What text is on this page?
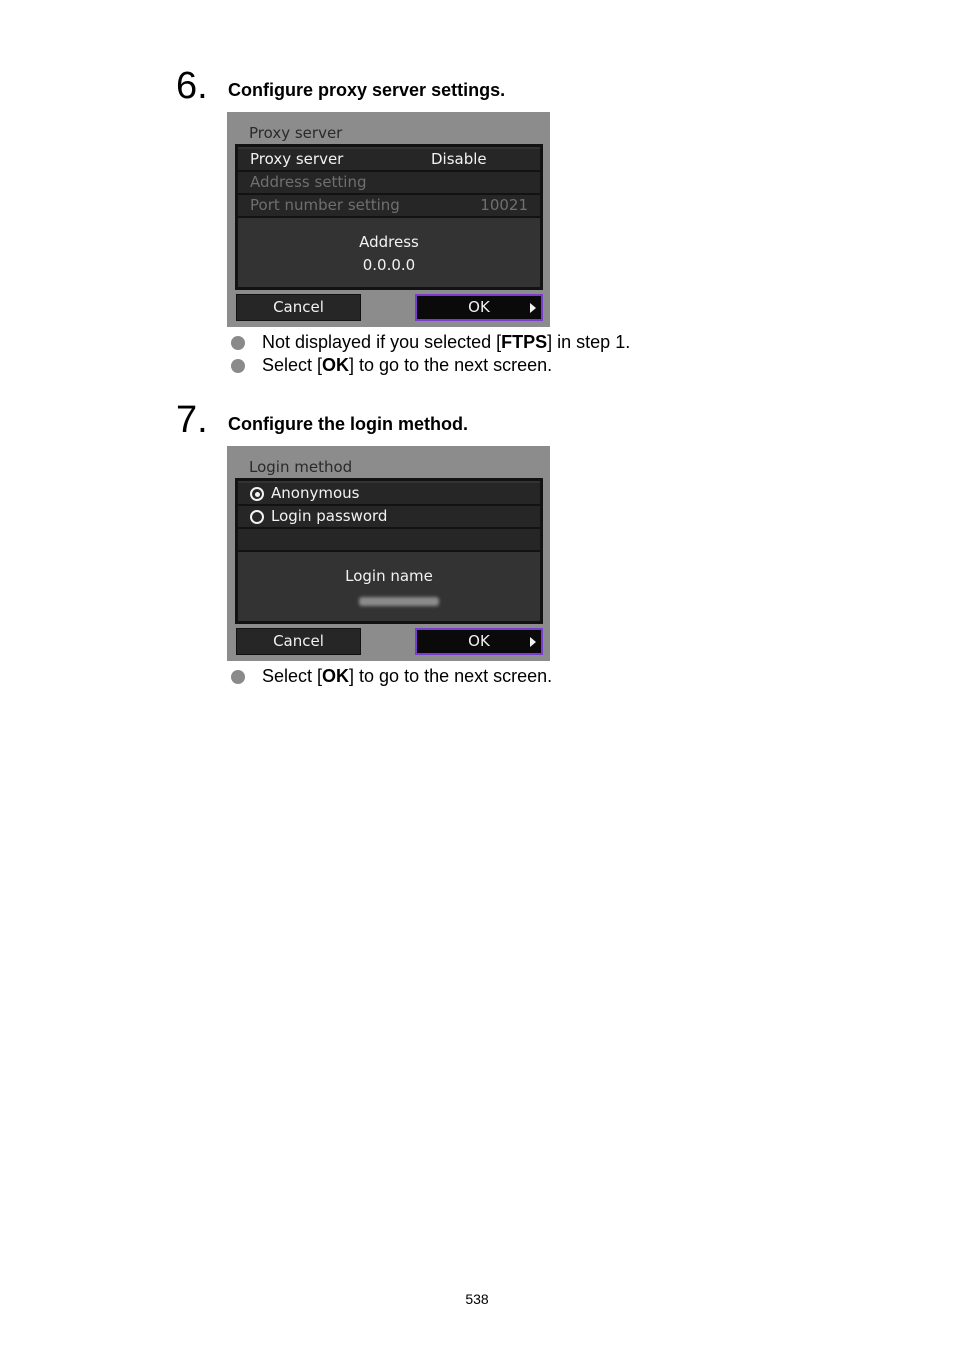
6. Configure proxy server settings.
Proxy server
Proxy server	Disable
Address setting
Port number setting	10021
Address
0.0.0.0
Cancel	OK
Not displayed if you selected [FTPS] in step 1.
Select [OK] to go to the next screen.
7. Configure the login method.
Login method
Anonymous
Login password
Login name
Cancel	OK
Select [OK] to go to the next screen.
538
